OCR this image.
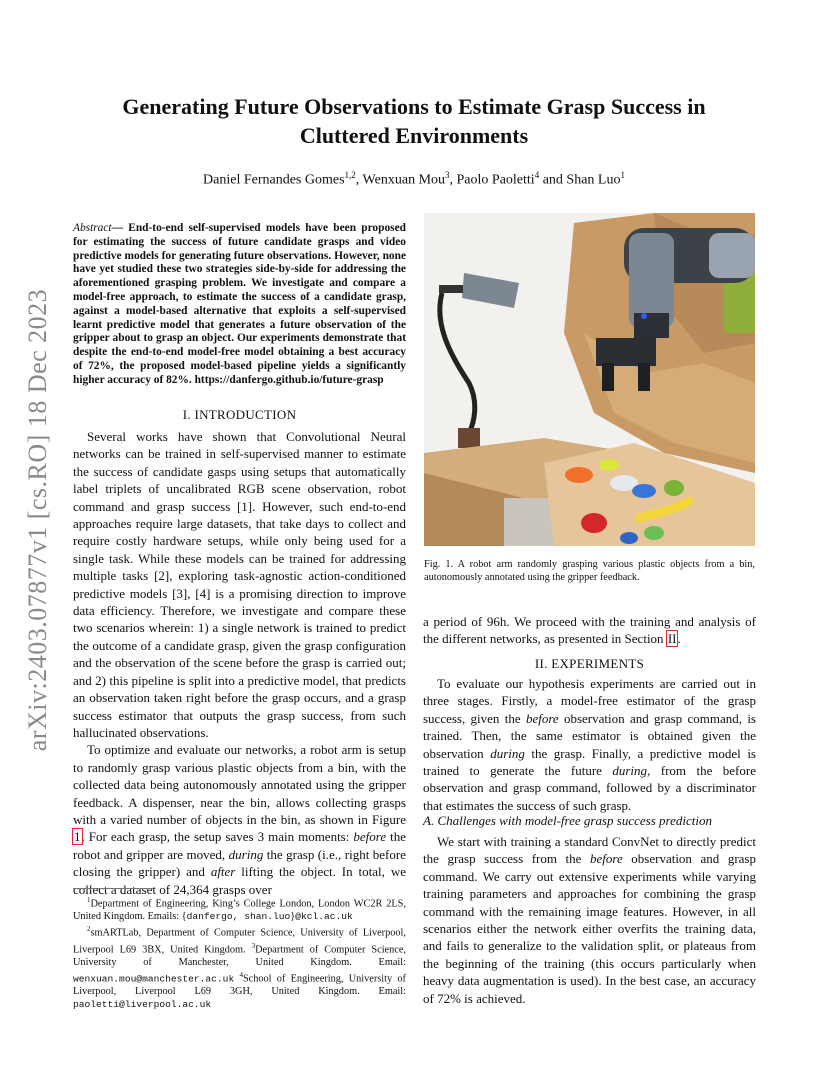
arXiv:2403.07877v1 [cs.RO] 18 Dec 2023
Generating Future Observations to Estimate Grasp Success in Cluttered Environments
Daniel Fernandes Gomes$^{1,2}$, Wenxuan Mou$^3$, Paolo Paoletti$^4$ and Shan Luo$^1$
Abstract— End-to-end self-supervised models have been proposed for estimating the success of future candidate grasps and video predictive models for generating future observations. However, none have yet studied these two strategies side-by-side for addressing the aforementioned grasping problem. We investigate and compare a model-free approach, to estimate the success of a candidate grasp, against a model-based alternative that exploits a self-supervised learnt predictive model that generates a future observation of the gripper about to grasp an object. Our experiments demonstrate that despite the end-to-end model-free model obtaining a best accuracy of 72%, the proposed model-based pipeline yields a significantly higher accuracy of 82%. https://danfergo.github.io/future-grasp
I. INTRODUCTION

Several works have shown that Convolutional Neural networks can be trained in self-supervised manner to estimate the success of candidate gasps using setups that automatically label triplets of uncalibrated RGB scene observation, robot command and grasp success [1]. However, such end-to-end approaches require large datasets, that take days to collect and require costly hardware setups, while only being used for a single task. While these models can be trained for addressing multiple tasks [2], exploring task-agnostic action-conditioned predictive models [3], [4] is a promising direction to improve data efficiency. Therefore, we investigate and compare these two scenarios wherein: 1) a single network is trained to predict the outcome of a candidate grasp, given the grasp configuration and the observation of the scene before the grasp is carried out; and 2) this pipeline is split into a predictive model, that predicts an observation taken right before the grasp occurs, and a grasp success estimator that outputs the grasp success, from such hallucinated observations.

To optimize and evaluate our networks, a robot arm is setup to randomly grasp various plastic objects from a bin, with the collected data being autonomously annotated using the gripper feedback. A dispenser, near the bin, allows collecting grasps with a varied number of objects in the bin, as shown in Figure 1. For each grasp, the setup saves 3 main moments: before the robot and gripper are moved, during the grasp (i.e., right before closing the gripper) and after lifting the object. In total, we collect a dataset of 24,364 grasps over

$^1$Department of Engineering, King’s College London, London WC2R 2LS, United Kingdom. Emails: {danfergo, shan.luo}@kcl.ac.uk

$^2$smARTLab, Department of Computer Science, University of Liverpool, Liverpool L69 3BX, United Kingdom. $^3$Department of Computer Science, University of Manchester, United Kingdom. Email: wenxuan.mou@manchester.ac.uk $^4$School of Engineering, University of Liverpool, Liverpool L69 3GH, United Kingdom. Email: paoletti@liverpool.ac.uk

Fig. 1. A robot arm randomly grasping various plastic objects from a bin, autonomously annotated using the gripper feedback.

a period of 96h. We proceed with the training and analysis of the different networks, as presented in Section II.

II. EXPERIMENTS

To evaluate our hypothesis experiments are carried out in three stages. Firstly, a model-free estimator of the grasp success, given the before observation and grasp command, is trained. Then, the same estimator is obtained given the observation during the grasp. Finally, a predictive model is trained to generate the future during, from the before observation and grasp command, followed by a discriminator that estimates the success of such grasp.

A. Challenges with model-free grasp success prediction

We start with training a standard ConvNet to directly predict the grasp success from the before observation and grasp command. We carry out extensive experiments while varying training parameters and approaches for combining the grasp command with the remaining image features. However, in all scenarios either the network either overfits the training data, and fails to generalize to the validation split, or plateaus from the beginning of the training (this occurs particularly when heavy data augmentation is used). In the best case, an accuracy of 72% is achieved.
